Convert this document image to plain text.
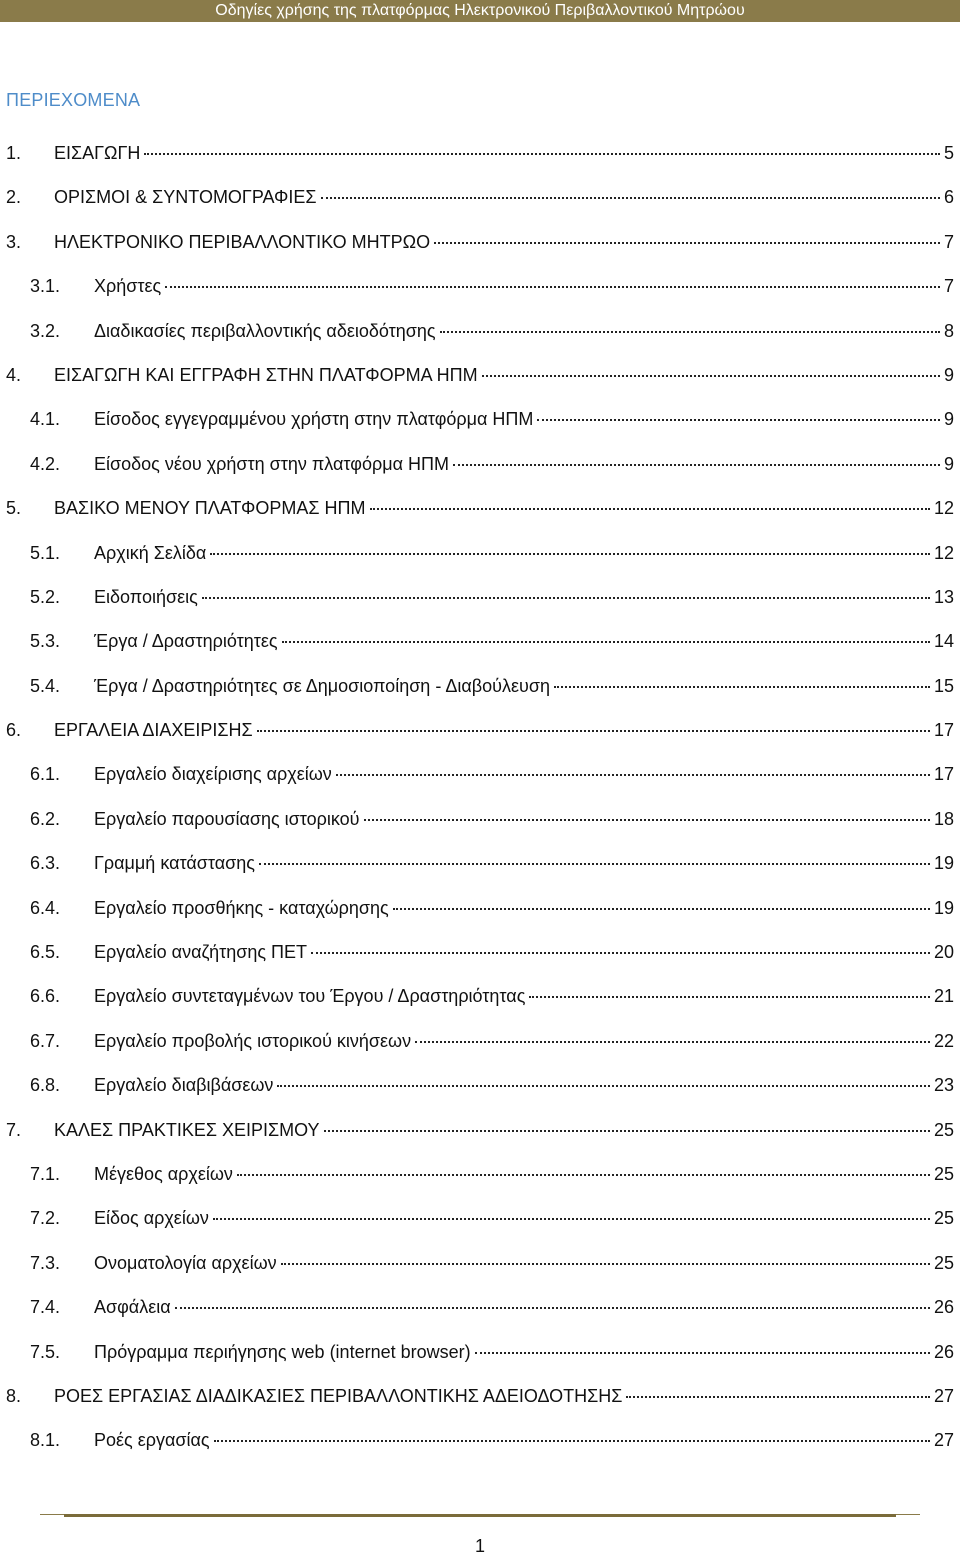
Οδηγίες χρήσης της πλατφόρμας Ηλεκτρονικού Περιβαλλοντικού Μητρώου
ΠΕΡΙΕΧΟΜΕΝΑ
1.	ΕΙΣΑΓΩΓΗ	5
2.	ΟΡΙΣΜΟΙ & ΣΥΝΤΟΜΟΓΡΑΦΙΕΣ	6
3.	ΗΛΕΚΤΡΟΝΙΚΟ ΠΕΡΙΒΑΛΛΟΝΤΙΚΟ ΜΗΤΡΩΟ	7
3.1.	Χρήστες	7
3.2.	Διαδικασίες περιβαλλοντικής αδειοδότησης	8
4.	ΕΙΣΑΓΩΓΗ ΚΑΙ ΕΓΓΡΑΦΗ ΣΤΗΝ ΠΛΑΤΦΟΡΜΑ ΗΠΜ	9
4.1.	Είσοδος εγγεγραμμένου χρήστη στην πλατφόρμα ΗΠΜ	9
4.2.	Είσοδος νέου χρήστη στην πλατφόρμα ΗΠΜ	9
5.	ΒΑΣΙΚΟ ΜΕΝΟΥ ΠΛΑΤΦΟΡΜΑΣ ΗΠΜ	12
5.1.	Αρχική Σελίδα	12
5.2.	Ειδοποιήσεις	13
5.3.	Έργα / Δραστηριότητες	14
5.4.	Έργα / Δραστηριότητες σε Δημοσιοποίηση - Διαβούλευση	15
6.	ΕΡΓΑΛΕΙΑ ΔΙΑΧΕΙΡΙΣΗΣ	17
6.1.	Εργαλείο διαχείρισης αρχείων	17
6.2.	Εργαλείο παρουσίασης ιστορικού	18
6.3.	Γραμμή κατάστασης	19
6.4.	Εργαλείο προσθήκης - καταχώρησης	19
6.5.	Εργαλείο αναζήτησης ΠΕΤ	20
6.6.	Εργαλείο συντεταγμένων του Έργου / Δραστηριότητας	21
6.7.	Εργαλείο προβολής ιστορικού κινήσεων	22
6.8.	Εργαλείο διαβιβάσεων	23
7.	ΚΑΛΕΣ ΠΡΑΚΤΙΚΕΣ ΧΕΙΡΙΣΜΟΥ	25
7.1.	Μέγεθος αρχείων	25
7.2.	Είδος αρχείων	25
7.3.	Ονοματολογία αρχείων	25
7.4.	Ασφάλεια	26
7.5.	Πρόγραμμα περιήγησης web (internet browser)	26
8.	ΡΟΕΣ ΕΡΓΑΣΙΑΣ ΔΙΑΔΙΚΑΣΙΕΣ ΠΕΡΙΒΑΛΛΟΝΤΙΚΗΣ ΑΔΕΙΟΔΟΤΗΣΗΣ	27
8.1.	Ροές εργασίας	27
1
